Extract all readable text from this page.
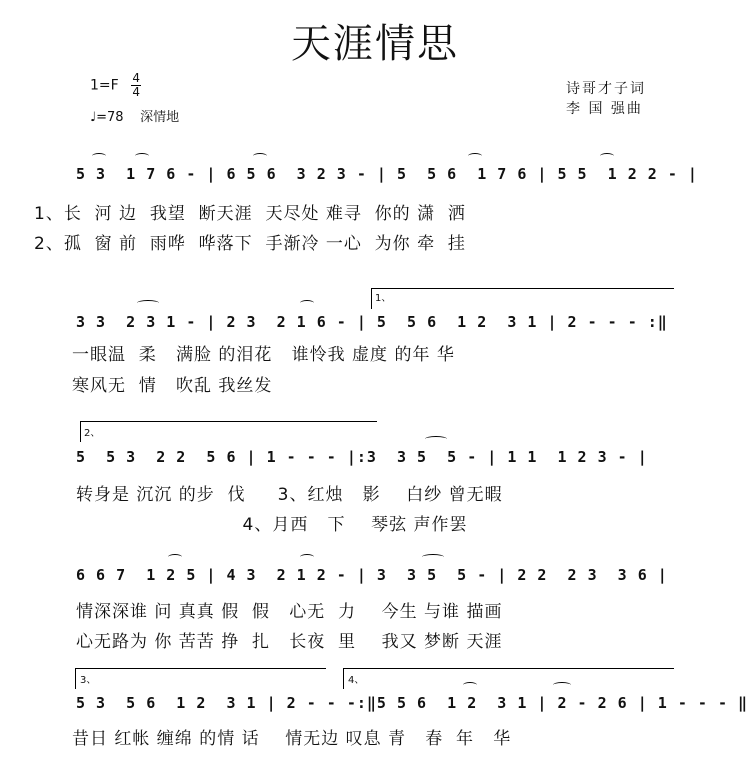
天涯情思
$1=F \frac{4}{4}$
♩=78 深情地
诗哥才子词
李 国 强曲
5 3  1 7 6 - | 6 5 6  3 2 3 - | 5  5 6  1 7 6 | 5 5  1 2 2 - |
1、长  河 边  我望  断天涯  天尽处 难寻  你的 潇  洒
2、孤  窗 前  雨哗  哗落下  手渐冷 一心  为你 牵  挂
1、
3 3  2 3 1 - | 2 3  2 1 6 - | 5  5 6  1 2  3 1 | 2 - - - :‖
一眼温  柔   满脸 的泪花   谁怜我 虚度 的年 华
寒风无  情   吹乱 我丝发
2、
5  5 3  2 2  5 6 | 1 - - - |:3  3 5  5 - | 1 1  1 2 3 - |
转身是 沉沉 的步  伐     3、红烛   影    白纱 曾无暇
4、月西   下    琴弦 声作罢
6 6 7  1 2 5 | 4 3  2 1 2 - | 3  3 5  5 - | 2 2  2 3  3 6 |
情深深谁 问 真真 假  假   心无  力    今生 与谁 描画
心无路为 你 苦苦 挣  扎   长夜  里    我又 梦断 天涯
3、	4、
5 3  5 6  1 2  3 1 | 2 - - -:‖5 5 6  1 2  3 1 | 2 - 2 6 | 1 - - - ‖
昔日 红帐 缠绵 的情 话    情无边 叹息 青   春  年   华
